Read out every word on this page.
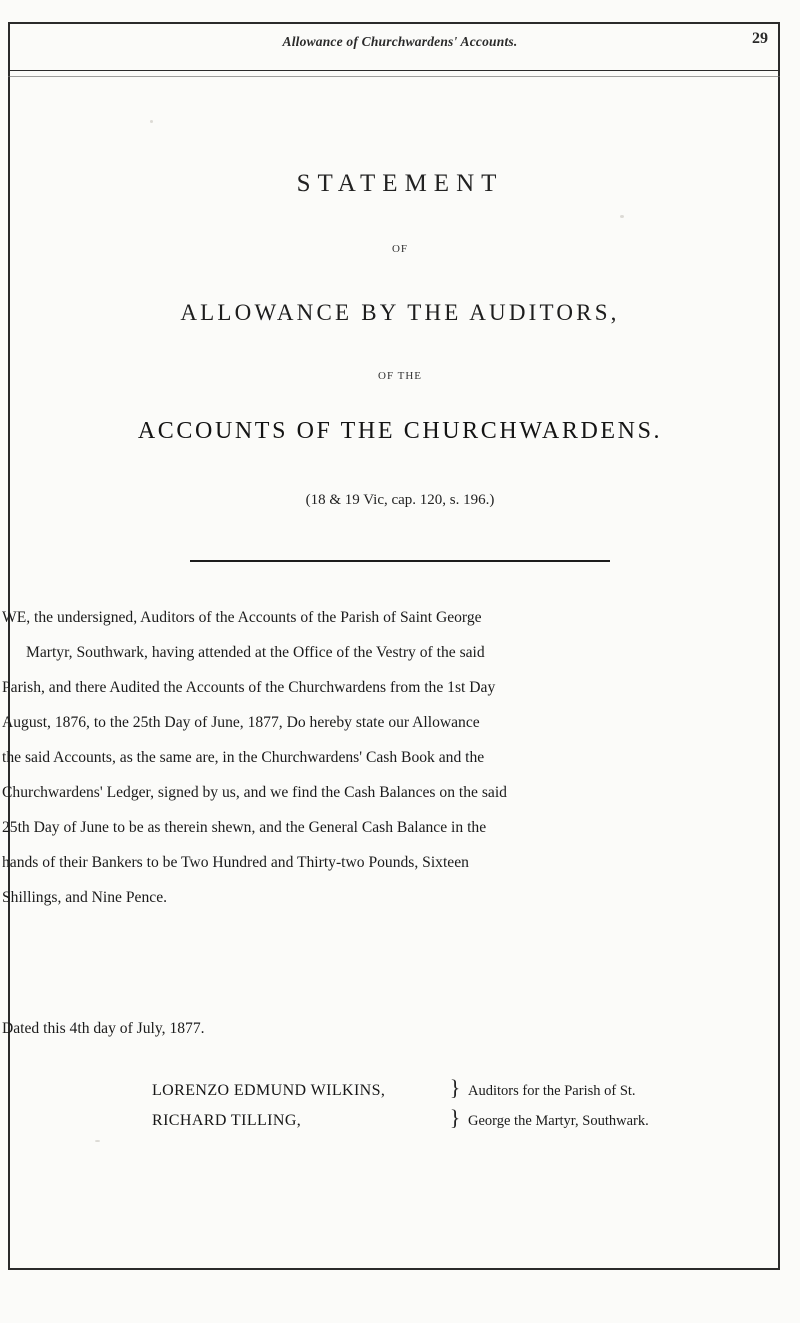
Allowance of Churchwardens' Accounts.	29
STATEMENT
OF
ALLOWANCE BY THE AUDITORS,
OF THE
ACCOUNTS OF THE CHURCHWARDENS.
(18 & 19 Vic, cap. 120, s. 196.)
WE, the undersigned, Auditors of the Accounts of the Parish of Saint George
Martyr, Southwark, having attended at the Office of the Vestry of the said
Parish, and there Audited the Accounts of the Churchwardens from the 1st Day
August, 1876, to the 25th Day of June, 1877, Do hereby state our Allowance
the said Accounts, as the same are, in the Churchwardens' Cash Book and the
Churchwardens' Ledger, signed by us, and we find the Cash Balances on the said
25th Day of June to be as therein shewn, and the General Cash Balance in the
hands of their Bankers to be Two Hundred and Thirty-two Pounds, Sixteen
Shillings, and Nine Pence.
Dated this 4th day of July, 1877.
LORENZO EDMUND WILKINS,	} Auditors for the Parish of St.
RICHARD TILLING,	} George the Martyr, Southwark.
